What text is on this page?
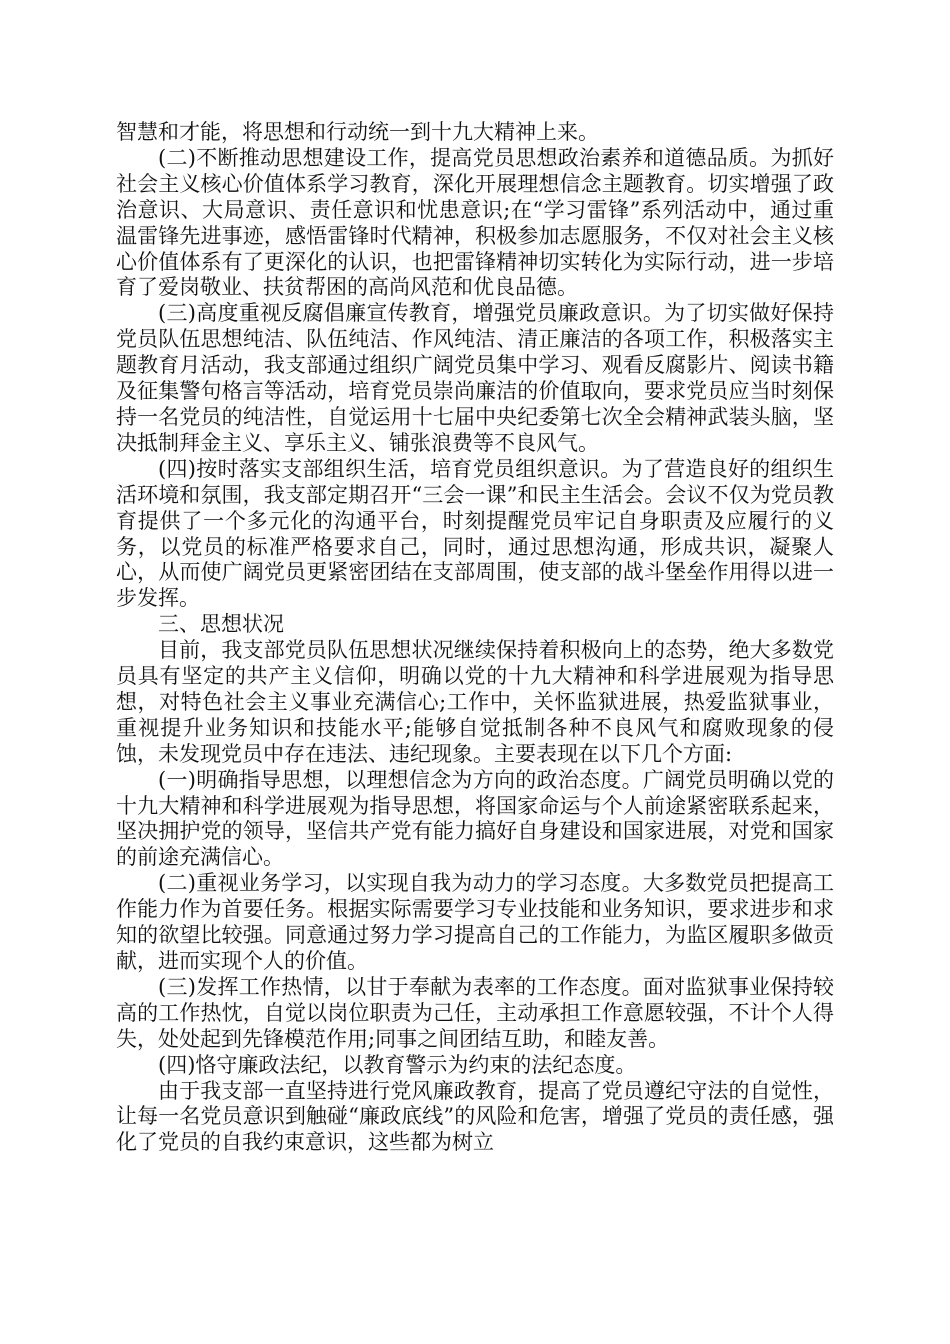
智慧和才能，将思想和行动统一到十九大精神上来。

(二)不断推动思想建设工作，提高党员思想政治素养和道德品质。为抓好社会主义核心价值体系学习教育，深化开展理想信念主题教育。切实增强了政治意识、大局意识、责任意识和忧患意识;在“学习雷锋”系列活动中，通过重温雷锋先进事迹，感悟雷锋时代精神，积极参加志愿服务，不仅对社会主义核心价值体系有了更深化的认识，也把雷锋精神切实转化为实际行动，进一步培育了爱岗敬业、扶贫帮困的高尚风范和优良品德。

(三)高度重视反腐倡廉宣传教育，增强党员廉政意识。为了切实做好保持党员队伍思想纯洁、队伍纯洁、作风纯洁、清正廉洁的各项工作，积极落实主题教育月活动，我支部通过组织广阔党员集中学习、观看反腐影片、阅读书籍及征集警句格言等活动，培育党员崇尚廉洁的价值取向，要求党员应当时刻保持一名党员的纯洁性，自觉运用十七届中央纪委第七次全会精神武装头脑，坚决抵制拜金主义、享乐主义、铺张浪费等不良风气。

(四)按时落实支部组织生活，培育党员组织意识。为了营造良好的组织生活环境和氛围，我支部定期召开“三会一课”和民主生活会。会议不仅为党员教育提供了一个多元化的沟通平台，时刻提醒党员牢记自身职责及应履行的义务，以党员的标准严格要求自己，同时，通过思想沟通，形成共识，凝聚人心，从而使广阔党员更紧密团结在支部周围，使支部的战斗堡垒作用得以进一步发挥。

三、思想状况

目前，我支部党员队伍思想状况继续保持着积极向上的态势，绝大多数党员具有坚定的共产主义信仰，明确以党的十九大精神和科学进展观为指导思想，对特色社会主义事业充满信心;工作中，关怀监狱进展，热爱监狱事业，重视提升业务知识和技能水平;能够自觉抵制各种不良风气和腐败现象的侵蚀，未发现党员中存在违法、违纪现象。主要表现在以下几个方面:

(一)明确指导思想，以理想信念为方向的政治态度。广阔党员明确以党的十九大精神和科学进展观为指导思想，将国家命运与个人前途紧密联系起来，坚决拥护党的领导，坚信共产党有能力搞好自身建设和国家进展，对党和国家的前途充满信心。

(二)重视业务学习，以实现自我为动力的学习态度。大多数党员把提高工作能力作为首要任务。根据实际需要学习专业技能和业务知识，要求进步和求知的欲望比较强。同意通过努力学习提高自己的工作能力，为监区履职多做贡献，进而实现个人的价值。

(三)发挥工作热情，以甘于奉献为表率的工作态度。面对监狱事业保持较高的工作热忱，自觉以岗位职责为己任，主动承担工作意愿较强，不计个人得失，处处起到先锋模范作用;同事之间团结互助，和睦友善。

(四)恪守廉政法纪，以教育警示为约束的法纪态度。

由于我支部一直坚持进行党风廉政教育，提高了党员遵纪守法的自觉性，让每一名党员意识到触碰“廉政底线”的风险和危害，增强了党员的责任感，强化了党员的自我约束意识，这些都为树立
